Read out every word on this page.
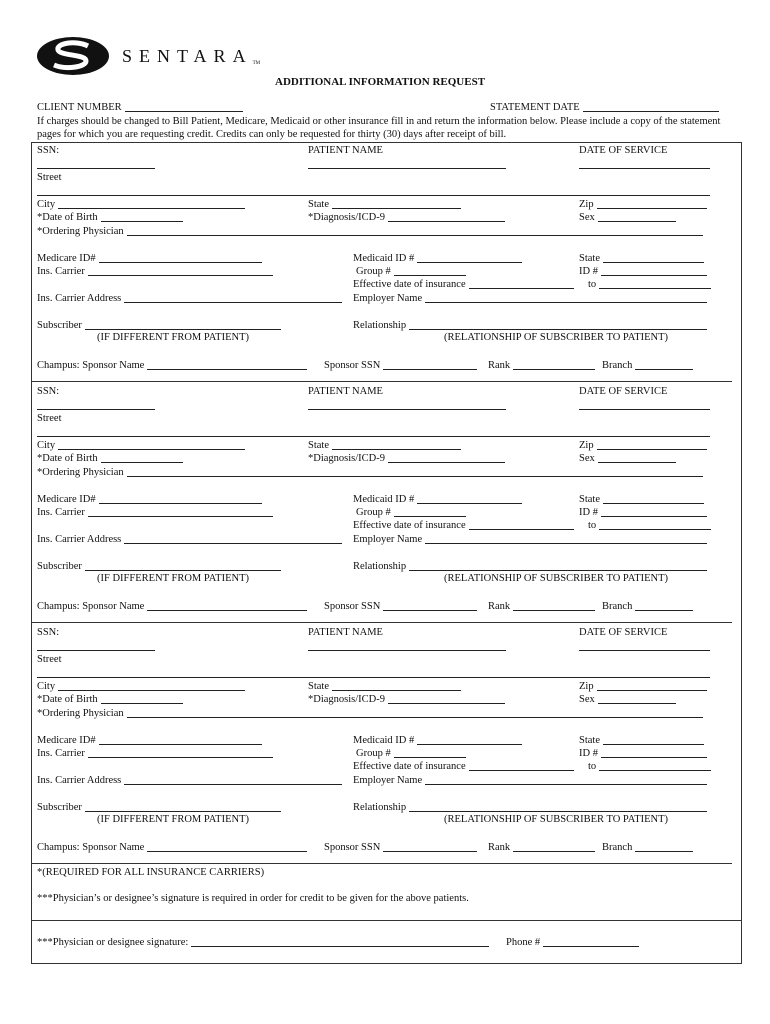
SENTARATM
ADDITIONAL INFORMATION REQUEST
CLIENT NUMBER	STATEMENT DATE
If charges should be changed to Bill Patient, Medicare, Medicaid or other insurance fill in and return the information below. Please include a copy of the statement pages for which you are requesting credit. Credits can only be requested for thirty (30) days after receipt of bill.
SSN:	PATIENT NAME	DATE OF SERVICE
Street
City	State	Zip
*Date of Birth	*Diagnosis/ICD-9	Sex
*Ordering Physician
Medicare ID#	Medicaid ID #	State
Ins. Carrier	Group #	ID #
Effective date of insurance	to
Ins. Carrier Address	Employer Name
Subscriber	Relationship
(IF DIFFERENT FROM PATIENT)	(RELATIONSHIP OF SUBSCRIBER TO PATIENT)
Champus: Sponsor Name	Sponsor SSN	Rank	Branch
SSN:	PATIENT NAME	DATE OF SERVICE
Street
City	State	Zip
*Date of Birth	*Diagnosis/ICD-9	Sex
*Ordering Physician
Medicare ID#	Medicaid ID #	State
Ins. Carrier	Group #	ID #
Effective date of insurance	to
Ins. Carrier Address	Employer Name
Subscriber	Relationship
(IF DIFFERENT FROM PATIENT)	(RELATIONSHIP OF SUBSCRIBER TO PATIENT)
Champus: Sponsor Name	Sponsor SSN	Rank	Branch
SSN:	PATIENT NAME	DATE OF SERVICE
Street
City	State	Zip
*Date of Birth	*Diagnosis/ICD-9	Sex
*Ordering Physician
Medicare ID#	Medicaid ID #	State
Ins. Carrier	Group #	ID #
Effective date of insurance	to
Ins. Carrier Address	Employer Name
Subscriber	Relationship
(IF DIFFERENT FROM PATIENT)	(RELATIONSHIP OF SUBSCRIBER TO PATIENT)
Champus: Sponsor Name	Sponsor SSN	Rank	Branch
*(REQUIRED FOR ALL INSURANCE CARRIERS)
***Physician’s or designee’s signature is required in order for credit to be given for the above patients.
***Physician or designee signature:	Phone #
